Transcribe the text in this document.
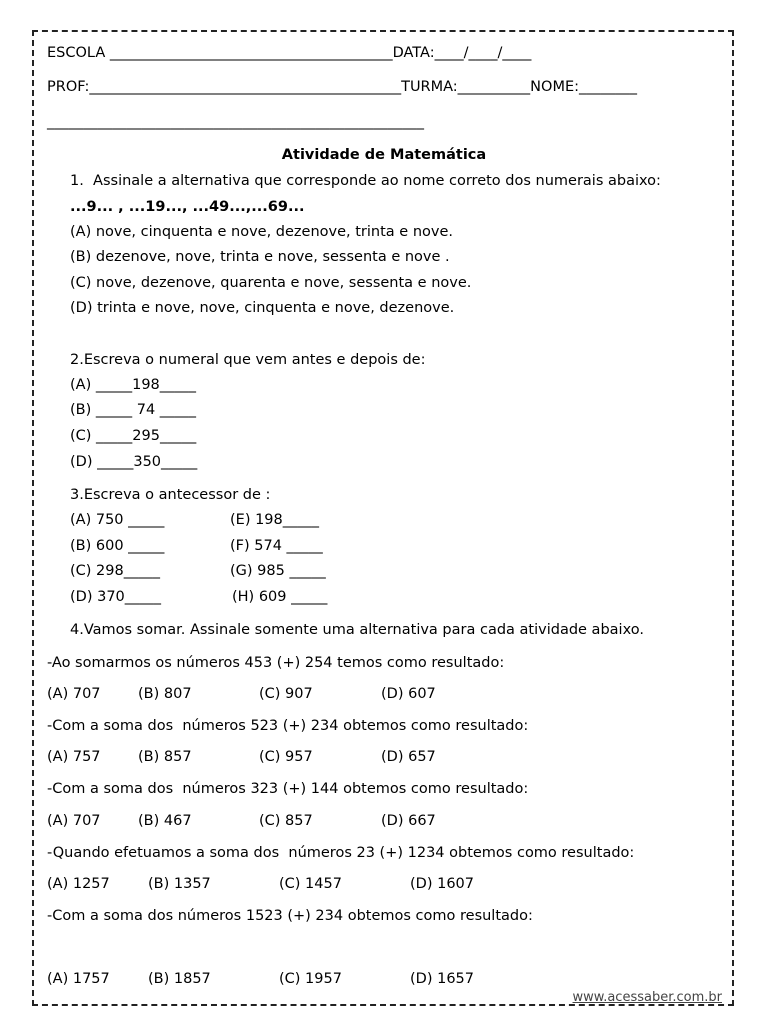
ESCOLA _______________________________________DATA:____/____/____
PROF:___________________________________________TURMA:__________NOME:________
____________________________________________________
Atividade de Matemática
1.  Assinale a alternativa que corresponde ao nome correto dos numerais abaixo:
...9... , ...19..., ...49...,...69...
(A) nove, cinquenta e nove, dezenove, trinta e nove.
(B) dezenove, nove, trinta e nove, sessenta e nove .
(C) nove, dezenove, quarenta e nove, sessenta e nove.
(D) trinta e nove, nove, cinquenta e nove, dezenove.
2.Escreva o numeral que vem antes e depois de:
(A) _____198_____
(B) _____ 74 _____
(C) _____295_____
(D) _____350_____
3.Escreva o antecessor de :
(A) 750 _____	(E) 198_____
(B) 600 _____	(F) 574 _____
(C) 298_____	(G) 985 _____
(D) 370_____	(H) 609 _____
4.Vamos somar. Assinale somente uma alternativa para cada atividade abaixo.
-Ao somarmos os números 453 (+) 254 temos como resultado:
(A) 707	(B) 807	(C) 907	(D) 607
-Com a soma dos  números 523 (+) 234 obtemos como resultado:
(A) 757	(B) 857	(C) 957	(D) 657
-Com a soma dos  números 323 (+) 144 obtemos como resultado:
(A) 707	(B) 467	(C) 857	(D) 667
-Quando efetuamos a soma dos  números 23 (+) 1234 obtemos como resultado:
(A) 1257	(B) 1357	(C) 1457	(D) 1607
-Com a soma dos números 1523 (+) 234 obtemos como resultado:
(A) 1757	(B) 1857	(C) 1957	(D) 1657
www.acessaber.com.br
